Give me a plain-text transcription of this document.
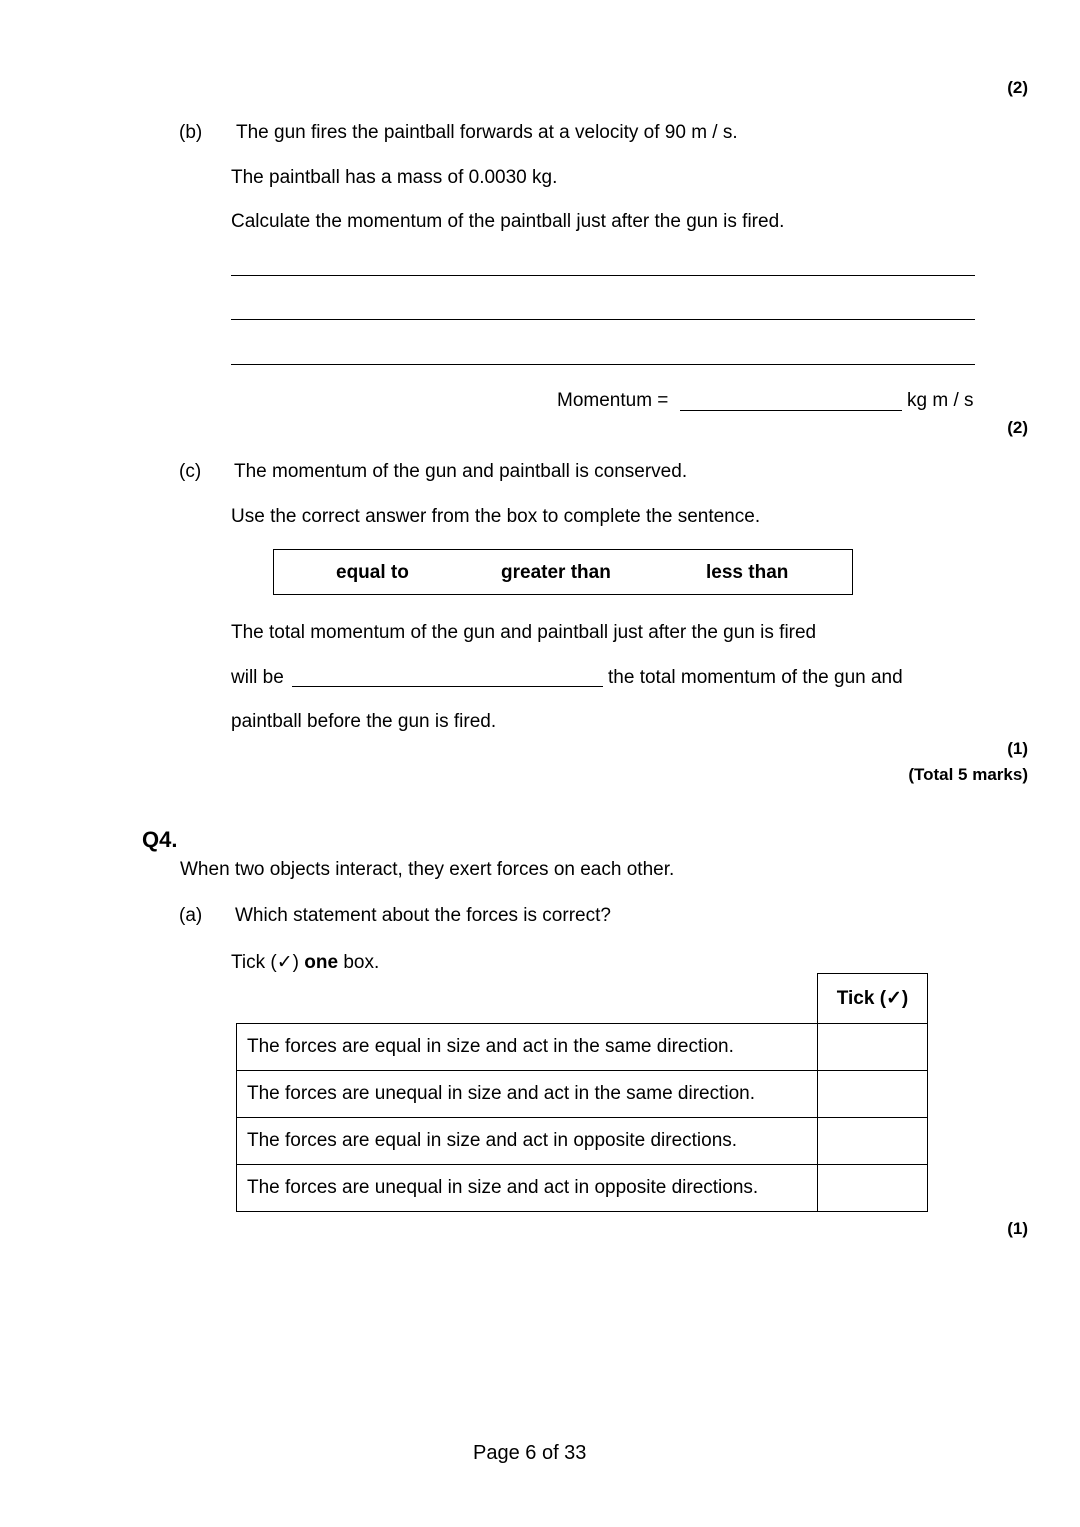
(2)
(b) The gun fires the paintball forwards at a velocity of 90 m / s.
The paintball has a mass of 0.0030 kg.
Calculate the momentum of the paintball just after the gun is fired.
Momentum =	kg m / s
(2)
(c) The momentum of the gun and paintball is conserved.
Use the correct answer from the box to complete the sentence.
equal to	greater than	less than
The total momentum of the gun and paintball just after the gun is fired
will be	the total momentum of the gun and
paintball before the gun is fired.
(1)
(Total 5 marks)
Q4.
When two objects interact, they exert forces on each other.
(a) Which statement about the forces is correct?
Tick (✓) one box.
	Tick (✓)
The forces are equal in size and act in the same direction.	
The forces are unequal in size and act in the same direction.	
The forces are equal in size and act in opposite directions.	
The forces are unequal in size and act in opposite directions.	
(1)
Page 6 of 33
